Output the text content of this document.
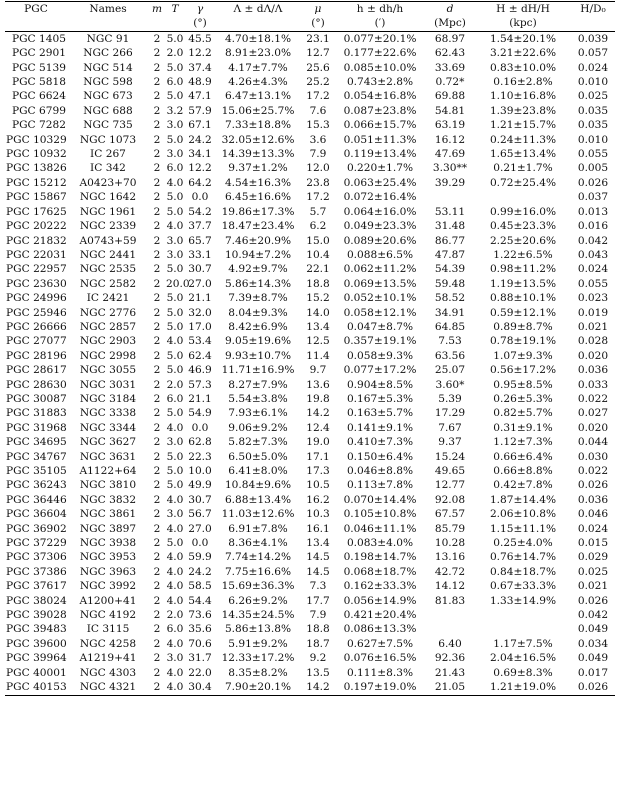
PGC	Names	m	T	γ	Λ ± dΛ/Λ	μ	h ± dh/h	d	H ± dH/H	H/D₀
				(°)		(°)	(′)	(Mpc)	(kpc)	
PGC 1405	NGC 91	2	5.0	45.5	4.70±18.1%	23.1	0.077±20.1%	68.97	1.54±20.1%	0.039
PGC 2901	NGC 266	2	2.0	12.2	8.91±23.0%	12.7	0.177±22.6%	62.43	3.21±22.6%	0.057
PGC 5139	NGC 514	2	5.0	37.4	4.17±7.7%	25.6	0.085±10.0%	33.69	0.83±10.0%	0.024
PGC 5818	NGC 598	2	6.0	48.9	4.26±4.3%	25.2	0.743±2.8%	0.72*	0.16±2.8%	0.010
PGC 6624	NGC 673	2	5.0	47.1	6.47±13.1%	17.2	0.054±16.8%	69.88	1.10±16.8%	0.025
PGC 6799	NGC 688	2	3.2	57.9	15.06±25.7%	7.6	0.087±23.8%	54.81	1.39±23.8%	0.035
PGC 7282	NGC 735	2	3.0	67.1	7.33±18.8%	15.3	0.066±15.7%	63.19	1.21±15.7%	0.035
PGC 10329	NGC 1073	2	5.0	24.2	32.05±12.6%	3.6	0.051±11.3%	16.12	0.24±11.3%	0.010
PGC 10932	IC 267	2	3.0	34.1	14.39±13.3%	7.9	0.119±13.4%	47.69	1.65±13.4%	0.055
PGC 13826	IC 342	2	6.0	12.2	9.37±1.2%	12.0	0.220±1.7%	3.30**	0.21±1.7%	0.005
PGC 15212	A0423+70	2	4.0	64.2	4.54±16.3%	23.8	0.063±25.4%	39.29	0.72±25.4%	0.026
PGC 15867	NGC 1642	2	5.0	0.0	6.45±16.6%	17.2	0.072±16.4%			0.037
PGC 17625	NGC 1961	2	5.0	54.2	19.86±17.3%	5.7	0.064±16.0%	53.11	0.99±16.0%	0.013
PGC 20222	NGC 2339	2	4.0	37.7	18.47±23.4%	6.2	0.049±23.3%	31.48	0.45±23.3%	0.016
PGC 21832	A0743+59	2	3.0	65.7	7.46±20.9%	15.0	0.089±20.6%	86.77	2.25±20.6%	0.042
PGC 22031	NGC 2441	2	3.0	33.1	10.94±7.2%	10.4	0.088±6.5%	47.87	1.22±6.5%	0.043
PGC 22957	NGC 2535	2	5.0	30.7	4.92±9.7%	22.1	0.062±11.2%	54.39	0.98±11.2%	0.024
PGC 23630	NGC 2582	2	20.0	27.0	5.86±14.3%	18.8	0.069±13.5%	59.48	1.19±13.5%	0.055
PGC 24996	IC 2421	2	5.0	21.1	7.39±8.7%	15.2	0.052±10.1%	58.52	0.88±10.1%	0.023
PGC 25946	NGC 2776	2	5.0	32.0	8.04±9.3%	14.0	0.058±12.1%	34.91	0.59±12.1%	0.019
PGC 26666	NGC 2857	2	5.0	17.0	8.42±6.9%	13.4	0.047±8.7%	64.85	0.89±8.7%	0.021
PGC 27077	NGC 2903	2	4.0	53.4	9.05±19.6%	12.5	0.357±19.1%	7.53	0.78±19.1%	0.028
PGC 28196	NGC 2998	2	5.0	62.4	9.93±10.7%	11.4	0.058±9.3%	63.56	1.07±9.3%	0.020
PGC 28617	NGC 3055	2	5.0	46.9	11.71±16.9%	9.7	0.077±17.2%	25.07	0.56±17.2%	0.036
PGC 28630	NGC 3031	2	2.0	57.3	8.27±7.9%	13.6	0.904±8.5%	3.60*	0.95±8.5%	0.033
PGC 30087	NGC 3184	2	6.0	21.1	5.54±3.8%	19.8	0.167±5.3%	5.39	0.26±5.3%	0.022
PGC 31883	NGC 3338	2	5.0	54.9	7.93±6.1%	14.2	0.163±5.7%	17.29	0.82±5.7%	0.027
PGC 31968	NGC 3344	2	4.0	0.0	9.06±9.2%	12.4	0.141±9.1%	7.67	0.31±9.1%	0.020
PGC 34695	NGC 3627	2	3.0	62.8	5.82±7.3%	19.0	0.410±7.3%	9.37	1.12±7.3%	0.044
PGC 34767	NGC 3631	2	5.0	22.3	6.50±5.0%	17.1	0.150±6.4%	15.24	0.66±6.4%	0.030
PGC 35105	A1122+64	2	5.0	10.0	6.41±8.0%	17.3	0.046±8.8%	49.65	0.66±8.8%	0.022
PGC 36243	NGC 3810	2	5.0	49.9	10.84±9.6%	10.5	0.113±7.8%	12.77	0.42±7.8%	0.026
PGC 36446	NGC 3832	2	4.0	30.7	6.88±13.4%	16.2	0.070±14.4%	92.08	1.87±14.4%	0.036
PGC 36604	NGC 3861	2	3.0	56.7	11.03±12.6%	10.3	0.105±10.8%	67.57	2.06±10.8%	0.046
PGC 36902	NGC 3897	2	4.0	27.0	6.91±7.8%	16.1	0.046±11.1%	85.79	1.15±11.1%	0.024
PGC 37229	NGC 3938	2	5.0	0.0	8.36±4.1%	13.4	0.083±4.0%	10.28	0.25±4.0%	0.015
PGC 37306	NGC 3953	2	4.0	59.9	7.74±14.2%	14.5	0.198±14.7%	13.16	0.76±14.7%	0.029
PGC 37386	NGC 3963	2	4.0	24.2	7.75±16.6%	14.5	0.068±18.7%	42.72	0.84±18.7%	0.025
PGC 37617	NGC 3992	2	4.0	58.5	15.69±36.3%	7.3	0.162±33.3%	14.12	0.67±33.3%	0.021
PGC 38024	A1200+41	2	4.0	54.4	6.26±9.2%	17.7	0.056±14.9%	81.83	1.33±14.9%	0.026
PGC 39028	NGC 4192	2	2.0	73.6	14.35±24.5%	7.9	0.421±20.4%			0.042
PGC 39483	IC 3115	2	6.0	35.6	5.86±13.8%	18.8	0.086±13.3%			0.049
PGC 39600	NGC 4258	2	4.0	70.6	5.91±9.2%	18.7	0.627±7.5%	6.40	1.17±7.5%	0.034
PGC 39964	A1219+41	2	3.0	31.7	12.33±17.2%	9.2	0.076±16.5%	92.36	2.04±16.5%	0.049
PGC 40001	NGC 4303	2	4.0	22.0	8.35±8.2%	13.5	0.111±8.3%	21.43	0.69±8.3%	0.017
PGC 40153	NGC 4321	2	4.0	30.4	7.90±20.1%	14.2	0.197±19.0%	21.05	1.21±19.0%	0.026
